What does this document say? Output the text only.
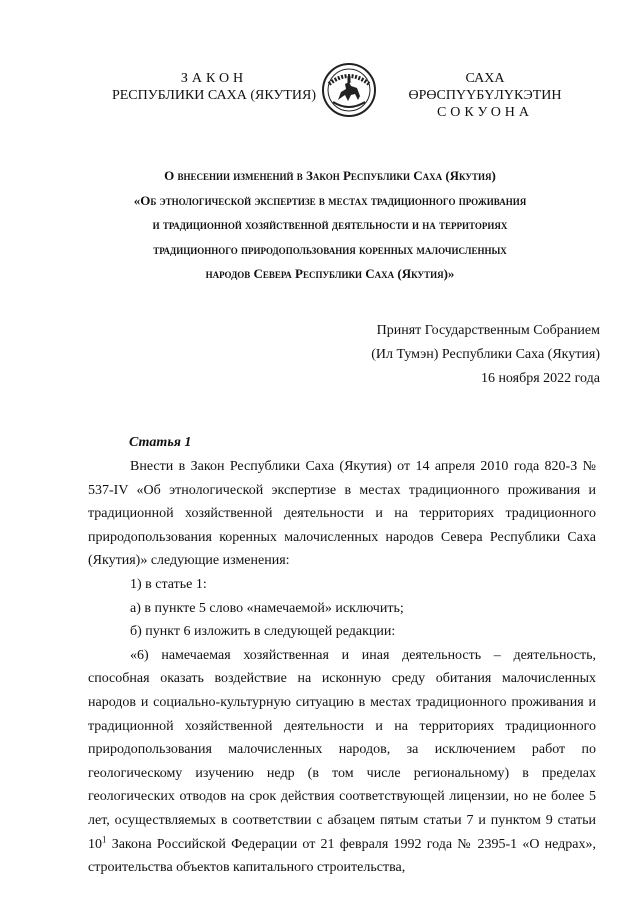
ЗАКОН
РЕСПУБЛИКИ САХА (ЯКУТИЯ)
САХА ӨРӨСПҮҮБҮЛҮКЭТИН
СОКУОНА
О внесении изменений в Закон Республики Саха (Якутия)
«Об этнологической экспертизе в местах традиционного проживания
и традиционной хозяйственной деятельности и на территориях
традиционного природопользования коренных малочисленных
народов Севера Республики Саха (Якутия)»
Принят Государственным Собранием
(Ил Тумэн) Республики Саха (Якутия)
16 ноября 2022 года
Статья 1

Внести в Закон Республики Саха (Якутия) от 14 апреля 2010 года 820-З № 537-IV «Об этнологической экспертизе в местах традиционного проживания и традиционной хозяйственной деятельности и на территориях традиционного природопользования коренных малочисленных народов Севера Республики Саха (Якутия)» следующие изменения:

1) в статье 1:

а) в пункте 5 слово «намечаемой» исключить;

б) пункт 6 изложить в следующей редакции:

«6) намечаемая хозяйственная и иная деятельность – деятельность, способная оказать воздействие на исконную среду обитания малочисленных народов и социально-культурную ситуацию в местах традиционного проживания и традиционной хозяйственной деятельности и на территориях традиционного природопользования малочисленных народов, за исключением работ по геологическому изучению недр (в том числе региональному) в пределах геологических отводов на срок действия соответствующей лицензии, но не более 5 лет, осуществляемых в соответствии с абзацем пятым статьи 7 и пунктом 9 статьи $10^1$ Закона Российской Федерации от 21 февраля 1992 года № 2395-1 «О недрах», строительства объектов капитального строительства,
